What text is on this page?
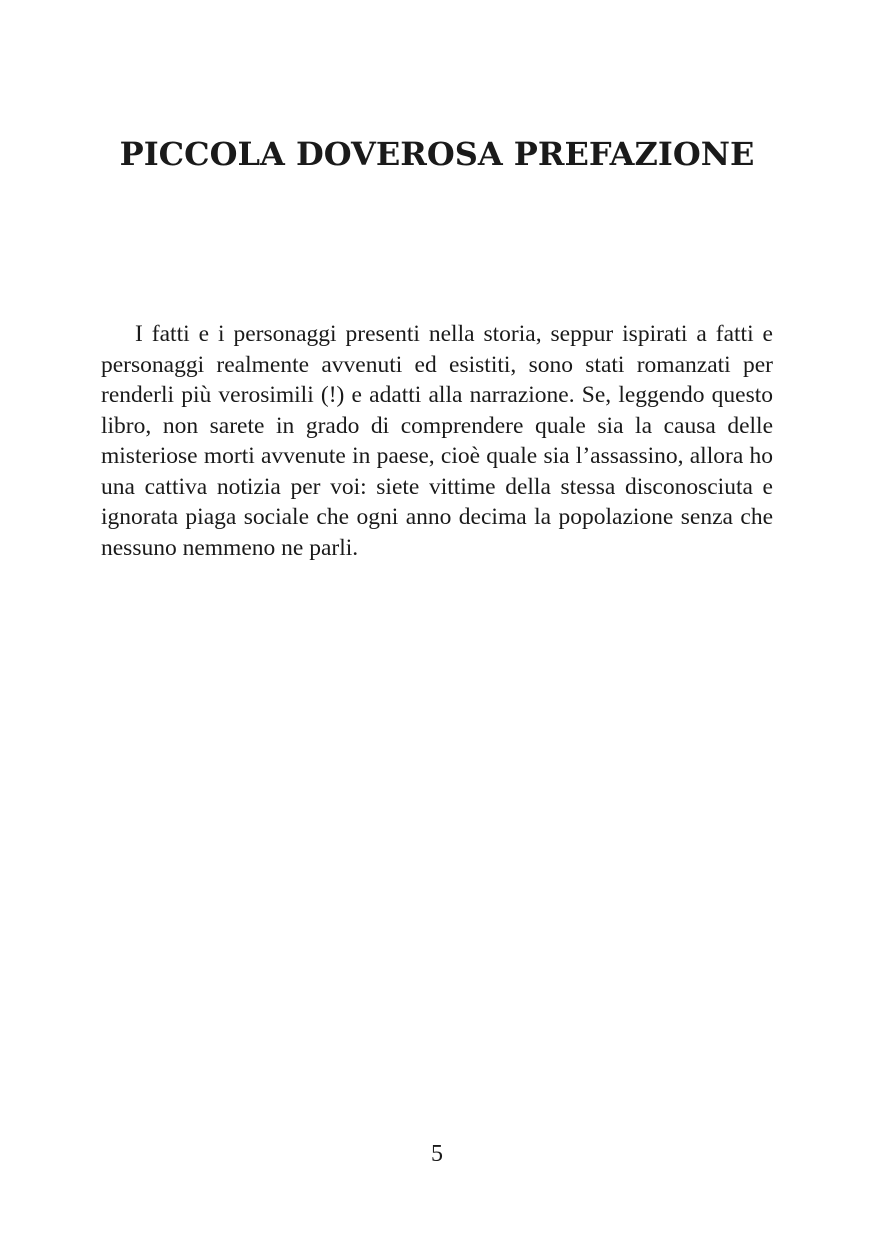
PICCOLA DOVEROSA PREFAZIONE

I fatti e i personaggi presenti nella storia, seppur ispirati a fatti e personaggi realmente avvenuti ed esistiti, sono stati romanzati per renderli più verosimili (!) e adatti alla narrazione. Se, leggendo questo libro, non sarete in grado di comprendere quale sia la causa delle misteriose morti avvenute in paese, cioè quale sia l’assassino, allora ho una cattiva notizia per voi: siete vittime della stessa disconosciuta e ignorata piaga sociale che ogni anno decima la popolazione senza che nessuno nemmeno ne parli.

5
